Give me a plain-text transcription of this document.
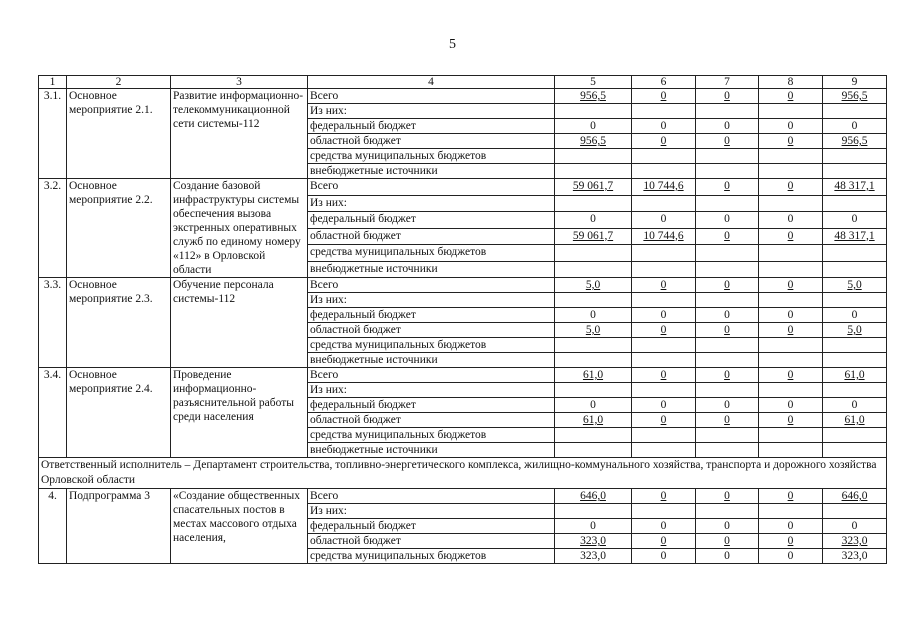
5
1	2	3	4	5	6	7	8	9
3.1.	Основное мероприятие 2.1.	Развитие информационно-телекоммуникационной сети системы-112	Всего	956,5	0	0	0	956,5
			Из них:					
			федеральный бюджет	0	0	0	0	0
			областной бюджет	956,5	0	0	0	956,5
			средства муниципальных бюджетов					
			внебюджетные источники					
3.2.	Основное мероприятие 2.2.	Создание базовой инфраструктуры системы обеспечения вызова экстренных оперативных служб по единому номеру «112» в Орловской области	Всего	59 061,7	10 744,6	0	0	48 317,1
			Из них:					
			федеральный бюджет	0	0	0	0	0
			областной бюджет	59 061,7	10 744,6	0	0	48 317,1
			средства муниципальных бюджетов					
			внебюджетные источники					
3.3.	Основное мероприятие 2.3.	Обучение персонала системы-112	Всего	5,0	0	0	0	5,0
			Из них:					
			федеральный бюджет	0	0	0	0	0
			областной бюджет	5,0	0	0	0	5,0
			средства муниципальных бюджетов					
			внебюджетные источники					
3.4.	Основное мероприятие 2.4.	Проведение информационно-разъяснительной работы среди населения	Всего	61,0	0	0	0	61,0
			Из них:					
			федеральный бюджет	0	0	0	0	0
			областной бюджет	61,0	0	0	0	61,0
			средства муниципальных бюджетов					
			внебюджетные источники					
Ответственный исполнитель – Департамент строительства, топливно-энергетического комплекса, жилищно-коммунального хозяйства, транспорта и дорожного хозяйства Орловской области								
4.	Подпрограмма 3	«Создание общественных спасательных постов в местах массового отдыха населения,	Всего	646,0	0	0	0	646,0
			Из них:					
			федеральный бюджет	0	0	0	0	0
			областной бюджет	323,0	0	0	0	323,0
			средства муниципальных бюджетов	323,0	0	0	0	323,0
